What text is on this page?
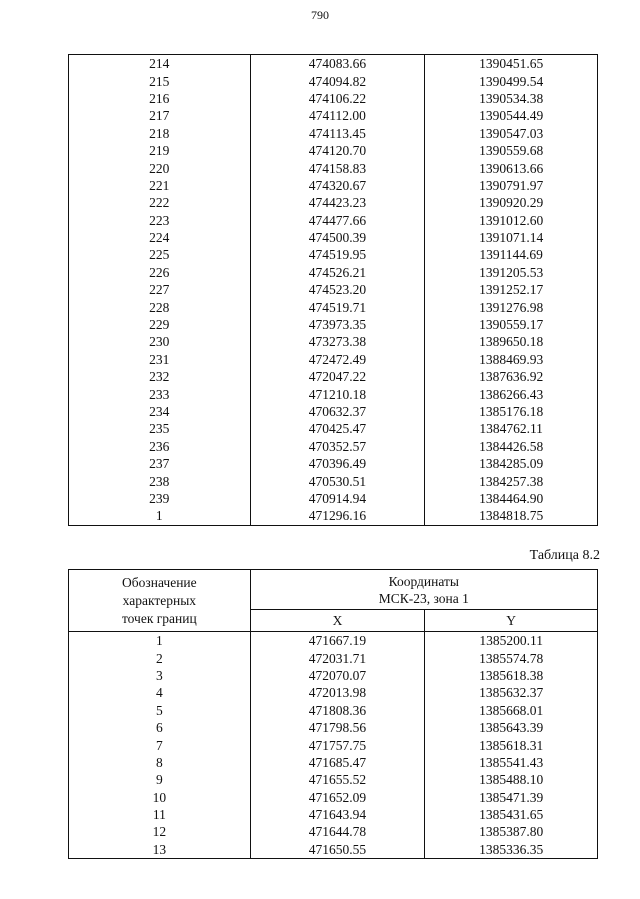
790
214	474083.66	1390451.65
215	474094.82	1390499.54
216	474106.22	1390534.38
217	474112.00	1390544.49
218	474113.45	1390547.03
219	474120.70	1390559.68
220	474158.83	1390613.66
221	474320.67	1390791.97
222	474423.23	1390920.29
223	474477.66	1391012.60
224	474500.39	1391071.14
225	474519.95	1391144.69
226	474526.21	1391205.53
227	474523.20	1391252.17
228	474519.71	1391276.98
229	473973.35	1390559.17
230	473273.38	1389650.18
231	472472.49	1388469.93
232	472047.22	1387636.92
233	471210.18	1386266.43
234	470632.37	1385176.18
235	470425.47	1384762.11
236	470352.57	1384426.58
237	470396.49	1384285.09
238	470530.51	1384257.38
239	470914.94	1384464.90
1	471296.16	1384818.75
Таблица 8.2
Обозначение
характерных
точек границ	Координаты
МСК-23, зона 1	
	X	Y
1	471667.19	1385200.11
2	472031.71	1385574.78
3	472070.07	1385618.38
4	472013.98	1385632.37
5	471808.36	1385668.01
6	471798.56	1385643.39
7	471757.75	1385618.31
8	471685.47	1385541.43
9	471655.52	1385488.10
10	471652.09	1385471.39
11	471643.94	1385431.65
12	471644.78	1385387.80
13	471650.55	1385336.35
